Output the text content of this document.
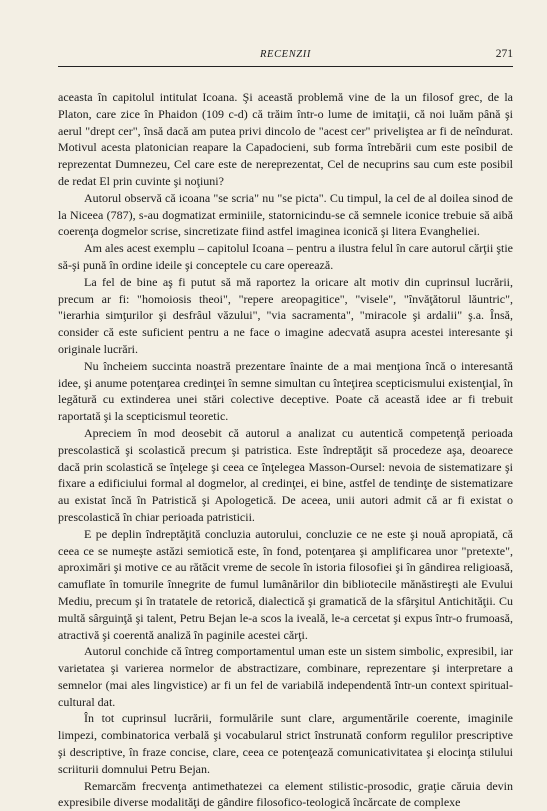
RECENZII	271

aceasta în capitolul intitulat Icoana. Şi această problemă vine de la un filosof grec, de la Platon, care zice în Phaidon (109 c-d) că trăim într-o lume de imitaţii, că noi luăm până şi aerul "drept cer", însă dacă am putea privi dincolo de "acest cer" priveliştea ar fi de neîndurat. Motivul acesta platonician reapare la Capadocieni, sub forma întrebării cum este posibil de reprezentat Dumnezeu, Cel care este de nereprezentat, Cel de necuprins sau cum este posibil de redat El prin cuvinte şi noţiuni?

Autorul observă că icoana "se scria" nu "se picta". Cu timpul, la cel de al doilea sinod de la Niceea (787), s-au dogmatizat erminiile, statornicindu-se că semnele iconice trebuie să aibă coerenţa dogmelor scrise, sincretizate fiind astfel imaginea iconică şi litera Evangheliei.

Am ales acest exemplu – capitolul Icoana – pentru a ilustra felul în care autorul cărţii ştie să-şi pună în ordine ideile şi conceptele cu care operează.

La fel de bine aş fi putut să mă raportez la oricare alt motiv din cuprinsul lucrării, precum ar fi: "homoiosis theoi", "repere areopagitice", "visele", "învăţătorul lăuntric", "ierarhia simţurilor şi desfrâul văzului", "via sacramenta", "miracole şi ardalii" ş.a. Însă, consider că este suficient pentru a ne face o imagine adecvată asupra acestei interesante şi originale lucrări.

Nu încheiem succinta noastră prezentare înainte de a mai menţiona încă o interesantă idee, şi anume potenţarea credinţei în semne simultan cu înteţirea scepticismului existenţial, în legătură cu extinderea unei stări colective deceptive. Poate că această idee ar fi trebuit raportată şi la scepticismul teoretic.

Apreciem în mod deosebit că autorul a analizat cu autentică competenţă perioada prescolastică şi scolastică precum şi patristica. Este îndreptăţit să procedeze aşa, deoarece dacă prin scolastică se înţelege şi ceea ce înţelegea Masson-Oursel: nevoia de sistematizare şi fixare a edificiului formal al dogmelor, al credinţei, ei bine, astfel de tendinţe de sistematizare au existat încă în Patristică şi Apologetică. De aceea, unii autori admit că ar fi existat o prescolastică în chiar perioada patristicii.

E pe deplin îndreptăţită concluzia autorului, concluzie ce ne este şi nouă apropiată, că ceea ce se numeşte astăzi semiotică este, în fond, potenţarea şi amplificarea unor "pretexte", aproximări şi motive ce au rătăcit vreme de secole în istoria filosofiei şi în gândirea religioasă, camuflate în tomurile înnegrite de fumul lumânărilor din bibliotecile mănăstireşti ale Evului Mediu, precum şi în tratatele de retorică, dialectică şi gramatică de la sfârşitul Antichităţii. Cu multă sârguinţă şi talent, Petru Bejan le-a scos la iveală, le-a cercetat şi expus într-o frumoasă, atractivă şi coerentă analiză în paginile acestei cărţi.

Autorul conchide că întreg comportamentul uman este un sistem simbolic, expresibil, iar varietatea şi varierea normelor de abstractizare, combinare, reprezentare şi interpretare a semnelor (mai ales lingvistice) ar fi un fel de variabilă independentă într-un context spiritual-cultural dat.

În tot cuprinsul lucrării, formulările sunt clare, argumentările coerente, imaginile limpezi, combinatorica verbală şi vocabularul strict înstrunată conform regulilor prescriptive şi descriptive, în fraze concise, clare, ceea ce potenţează comunicativitatea şi elocinţa stilului scriiturii domnului Petru Bejan.

Remarcăm frecvenţa antimethatezei ca element stilistic-prosodic, graţie căruia devin expresibile diverse modalităţi de gândire filosofico-teologică încărcate de complexe
